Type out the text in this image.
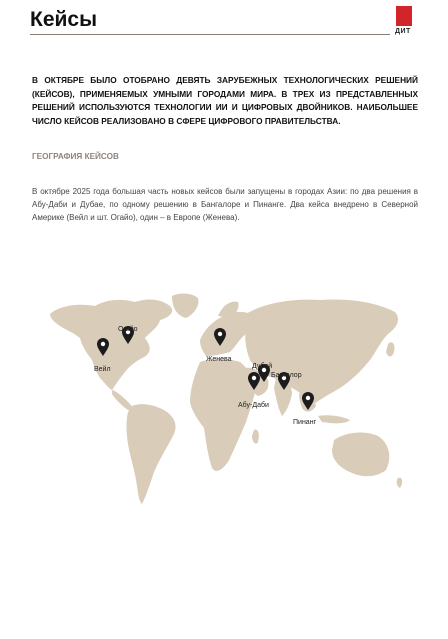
Кейсы
ДИТ
В ОКТЯБРЕ БЫЛО ОТОБРАНО ДЕВЯТЬ ЗАРУБЕЖНЫХ ТЕХНОЛОГИЧЕСКИХ РЕШЕНИЙ (КЕЙСОВ), ПРИМЕНЯЕМЫХ УМНЫМИ ГОРОДАМИ МИРА. В ТРЕХ ИЗ ПРЕДСТАВЛЕННЫХ РЕШЕНИЙ ИСПОЛЬЗУЮТСЯ ТЕХНОЛОГИИ ИИ И ЦИФРОВЫХ ДВОЙНИКОВ. НАИБОЛЬШЕЕ ЧИСЛО КЕЙСОВ РЕАЛИЗОВАНО В СФЕРЕ ЦИФРОВОГО ПРАВИТЕЛЬСТВА.
ГЕОГРАФИЯ КЕЙСОВ
В октябре 2025 года большая часть новых кейсов были запущены в городах Азии: по два решения в Абу-Даби и Дубае, по одному решению в Бангалоре и Пинанге. Два кейса внедрено в Северной Америке (Вейл и шт. Огайо), один – в Европе (Женева).
Огайо
Вейл
Женева
Дубай
Бангалор
Абу-Даби
Пинанг
